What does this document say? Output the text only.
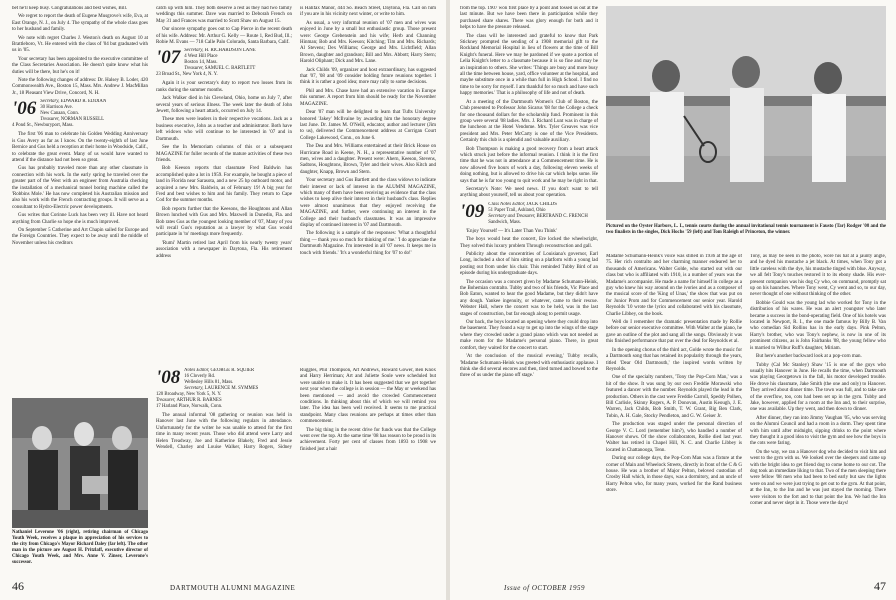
bet he'll keep busy. Congratulations and best wishes, Bill.

We regret to report the death of Eugene Musgrove's wife, Eva, at East Orange, N. J., on July 4. The sympathy of the whole class goes to her husband and family.

We note with regret Charles J. Weston's death on August 10 at Brattleboro, Vt. He entered with the class of '04 but graduated with us in '05.

Your secretary has been appointed to the executive committee of the Class Secretaries Association. He doesn't quite know what his duties will be there, but he's on it!

Note the following changes of address: Dr. Halsey B. Loder, 420 Commonwealth Ave., Boston 15, Mass. Mrs. Andrew J. MacMillan Jr., 18 Pleasant View Drive, Concord, N. H.

'06 Secretary, EDWARD R. EDDIAN
30 Harrison Ave.
New Canaan, Conn.
Treasurer, NORMAN RUSSELL
4 Pond St., Newburyport, Mass.

The first '06 man to celebrate his Golden Wedding Anniversary is Gus Avery as far as I know. On the twenty-eighth of last June Bernice and Gus held a reception at their home in Woodside, Calif., to celebrate the great event. Many of us would have wanted to attend if the distance had not been so great.

Gus has probably traveled more than any other classmate in connection with his work. In the early spring he traveled over the greater part of the West with an engineer from Australia checking the installation of a mechanical tunnel boring machine called the 'Robbins Mole.' He has now completed his Australian mission and also his work with the French contracting groups. It will serve as a consultant to Hydro-Electric power developments.

Gus writes that Corinne Luck has been very ill. Have not heard anything from Charlie so hope she is much improved.

On September 5 Catherine and Art Chapin sailed for Europe and the Foreign Countries. They expect to be away until the middle of November unless his creditors

catch up with him. They both deserve a rest as they had two family weddings this summer. Dave was married to Deborah French on May 31 and Frances was married to Scott Shaw on August 15.

Our sincere sympathy goes out to Cap Pierce in the recent death of his wife. Address: Mr. Arthur G. Kelly — Route 1, Red Bud, Ill.; Robie M. Evans — 718 Calle Palo Colorado, Santa Barbara, Calif.

'07 Secretary, H. RICHARDSON LANE
4 West Hill Place
Boston 14, Mass.
Treasurer, SAMUEL C. BARTLETT
23 Broad St., New York 4, N. Y.

Again it is your secretary's duty to report two losses from its ranks during the summer months.

Jack Walker died in his Cleveland, Ohio, home on July 7, after several years of serious illness. The week later the death of John Jewett, following a heart attack, occurred on July 14.

These men were leaders in their respective vocations. Jack as a business executive, John as a teacher and administrator. Both have left widows who will continue to be interested in '07 and in Dartmouth.

See the In Memoriam columns of this or a subsequent MAGAZINE for fuller records of the mature activities of these two friends.

Bob Keeson reports that classmate Fred Baldwin has accomplished quite a lot in 1959. For example, he bought a piece of land in Florida near Sarasota, and a new 25 hp outboard motor, and acquired a new Mrs. Baldwin, as of February 19! A big year for Fred and best wishes to him and his family. They return to Cape Cod for the summer months.

Bob reports further that the Keesons, the Houghtons and Allan Brown lunched with Gus and Mrs. Maxwell in Dunedin, Fla. and Bob rates Gus as the youngest looking member of '07, Many of you will recall Gus's reputation as a lawyer by what Gus would participate in 'to' meetings more frequently.

'Rumi' Martin retired last April from his nearly twenty years' association with a newspaper in Daytona, Fla. His retirement address

is Halifax Manor, 444 So. Beach Street, Daytona, Fla. Call on him if you are in his vicinity next winter, or write to him.

As usual, a very informal reunion of '07 men and wives was enjoyed in June by a small but enthusiastic group. Those present were: George Grebenstein and his wife; Herb and Channing Hinman; Bob and Mrs. Keeson; Kitching; Tim and Mrs. Richards; Al Stevens; Dex Williams; George and Mrs. Lichtfield; Allan Brown, daughter and grandson; Bill and Mrs. Abbott; Harry Stern; Harold Oliphant; Dick and Mrs. Lane.

Jack Childs '09, organizer and host extraordinary, has suggested that '07, '08 and '09 consider holding future reunions together. I think it is rather a good idea; more may rally to some decisions.

Phil and Mrs. Chase have had an extensive vacation in Europe this summer. A report from him should be ready for the November MAGAZINE.

Dear '07 man will be delighted to learn that Tufts University honored 'Jakey' McIlvaine by awarding him the honorary degree last June. Dr. James M. O'Neill, educator, author and lecturer (Jim to us), delivered the Commencement address at Corrigan Court College Lakewood, Conn., on June 6.

The Dea and Mrs. Williams entertained at their Brick House on Hurricane Road in Keene, N. H., a representative number of '07 men, wives and a daughter. Present were: Ahern, Keeson, Stevens, Sadtons, Houghtons, Brown, Tyler and their wives. Also Kitch and daughter, Knapp, Brown and Stern.

Your secretary and Gus Bartlett and the class widows to indicate their interest or lack of interest in the ALUMNI MAGAZINE, which many of them have been receiving as evidence that the class wishes to keep alive their interest in their husband's class. Replies were almost unanimous that they enjoyed receiving the MAGAZINE, and further, were continuing an interest in the College and their husband's classmates. It was an impressive display of continued interest in '07 and Dartmouth.

The following is a sample of the responses: 'What a thoughtful thing — thank you so much for thinking of me.' 'I do appreciate the Dartmouth Magazine. I'm interested in all '07 news. It keeps me in touch with friends.' 'It's a wonderful thing for '07 to do!'

'08 Notes Editor, GEORGE R. SQUIER
16 Cloverly Rd.
Wellesley Hills 81, Mass.
Secretary, LAURENCE M. SYMMES
120 Broadway, New York 5, N. Y.
Treasurer, ARTHUR R. BARNES
17 Harland Place, Norwalk, Conn.

The annual informal '08 gathering or reunion was held in Hanover last June with the following regulars in attendance. Unfortunately for the writer he was unable to attend for the first time in many recent years. Those who did attend were Larry and Helen Treadway, Joe and Katherine Blakely, Fred and Jessie Wendell, Charley and Louise Walker, Harry Rogers, Sidney Ruggles, Phil Thompson, Art Andrews, Howard Gower, Ben Knox and Harry Herriman; Art and Juliette Soule were scheduled but were unable to make it. It has been suggested that we get together next year when the college is in session — the May or weekend has been mentioned — and avoid the crowded Commencement conditions. In thinking about this of which we will remind you later. The idea has been well received. It seems to me practical standpoint. Many class reunions are perhaps at times other than commencement.

The big thing in the recent drive for funds was that the College went over the top. At the same time '08 has reason to be proud in its achievement. Forty per cent of classes from 1893 to 1908 we finished just a hair

Nathaniel Leverone '06 (right), retiring chairman of Chicago Youth Week, receives a plaque in appreciation of his services to the city from Chicago's Mayor Richard Daley (far left). The other man in the picture are August H. Pritzlaff, executive director of Chicago Youth Week, and Mrs. Anne V. Zinser, Leverone's successor.
46	DARTMOUTH ALUMNI MAGAZINE

from the top. 1907 won first place by a point and tossed us out at the last minute. But we have been there in participation while they purchased share shares. There was glory enough for both and it helps to have the pressure released.

The class will be interested and grateful to know that Park Stickney prompted the sending of a 1908 memorial gift to the Rockland Memorial Hospital in lieu of flowers at the time of Bill Knight's funeral. Here we may be pardoned if we quote a portion of Lelia Knight's letter to a classmate because it is so fine and may be an inspiration to others. She writes: 'Things are busy and more busy all the time between house, yard, office volunteer at the hospital, and maybe substitute once in a while than full in High School. I find no time to be sorry for myself. I am thankful for so much and have such happy memories.' That is a philosophy of life and not of death.

At a meeting of the Dartmouth Women's Club of Boston, the Club presented to Professor John Sicarus '08 for the College a check for one thousand dollars for the scholarship fund. Prominent in this group were several '08 ladies. Mrs. J. Richard Lunt was in charge of the luncheon at the Hotel Vendome. Mrs. Tyler Greaves was vice president and Mrs. Peter McCarty is one of the Vice Presidents. Certainly this club is a splendid and valuable auxiliary.

Bob Thompson is making a good recovery from a heart attack which struck just before the informal reunion. I think it is the first time that he was not in attendance at a Commencement time. He is now allowed five hours of work a day, following eleven weeks of doing nothing, but is allowed to drive his car which helps some. He says that he is far too young to quit work and he may be right in that.

Secretary's Note: We need news. If you don't want to tell anything about yourself, tell us about your operation.

'09 Class Notes Editor, JACK CHILDS
51 Paper Trail, Ashland, Ohio
Secretary and Treasurer, BERTRAND C. FRENCH
Sandwich, Mass.

'Enjoy Yourself — It's Later Than You Think'

The boys would heat the concert, Ere locked the wheelwright, They solved this luxury problem Through reconstruction and gall.

Publicity about the concentrities of Louisiana's governor, Earl Long, included a shot of him sitting on a platform with a young lad posting out from under his chair. This reminded Tubby Bird of an episode during his undergraduate days.

The occasion was a concert given by Madame Schumann-Heink, the Bohemian contralto. Tubby and two of his friends, Vic Place and Bob Eaton, wanted to hear the good Madame, but they didn't have any dough. Yankee ingenuity, or whatever, came to their rescue. Webster Hall, where the concert was to be held, was in the last stages of construction, but far enough along to permit usage.

Our back, the boys located an opening where they could drop into the basement. They found a way to get up into the wings of the stage where they crowded under a grand piano which was not needed as make room for the Madame's personal piano. There, in great comfort, they waited for the concert to start.

'At the conclusion of the musical evening,' Tubby recalls, 'Madame Schumann-Heink was greeted with enthusiastic applause. I think she did several encores and then, tired turned and bowed to the three of us under the piano off stage.'

Pictured on the Oyster Harbors, L. I., tennis courts during the annual invitational tennis tournament is Fausto (Tar) Rodger '08 and the two finalists in the singles, Dick Hochs '59 (left) and Tom Raleigh of Princeton, the winner.

Madame Schumann-Heink's voice was stilled in 1936 at the age of 75. Her rich contralto and her charming manner endeared her to thousands of Americans. Walter Golde, who started out with our class but who is affiliated with 1910, is a number of years was the Madame's accompanist. He made a name for himself in college as a guy who knew his way around on the ivories and as a composer of the musical score of the 'King of Unas,' the show that was put on for Junior Prom and for Commencement our senior year. Harold Reynolds '10 wrote the lyrics and collaborated with his classmate, Charlie Libbey, on the book.

Well do I remember the dramatic presentation made by Rollie before our senior executive committee. With Walter at the piano, he gave an outline of the plot and sang all the songs. Obviously it was this finished performance that put over the deal for Reynolds et al.

In the opening chorus of the third act, Golde wrote the music for a Dartmouth song that has retained its popularity through the years, titled 'Dear Old Dartmouth,' the inspired words written by Reynolds.

One of the specialty numbers, 'Tony the Pop-Corn Man,' was a hit of the show. It was sung by our own Freddie Morawski who featured a dancer with the number. Reynolds played the lead in the production. Others in the cast were Freddie Carroll, Speddy Polhen, Bill Carlisle, Skinny Rogers, A. P. Donovan, Austin Keough, J. E. Warren, Jack Childs, Bob Smith, T. W. Grant, Big Ben Clark, Tobin, A. H. Gale, Stocky Pendleton, and G. W. Geiser Jr.

The production was staged under the personal direction of George V. C. Lord (remember him?), who handled a number of Hanover shows. Of the show collaborators, Rollie died last year. Walter has retired in Chapel Hill, N. C. and Charlie Libbey is located in Chattanooga, Tenn.

During our college days, the Pop-Corn Man was a fixture at the corner of Main and Wheelock Streets, directly in front of the C & G house. He was a brother of Major Pelton, beloved custodian of Crosby Hall which, in those days, was a dormitory, and an uncle of Harry Pelton who, for many years, worked for the Rand business store.

Tony, as may be seen in the photo, wore his hat at a jaunty angle, and he dyed his mustache a jet black. At times, when Tony got a little careless with the dye, his mustache tinged with blue. Anyway, we all felt Tony's touches restored it to its ebony shade. His ever-present companion was his dog Cy who, on command, promptly sat up on his haunches. Where Tony went, Cy went and so, to our day, never thought of one without thinking of the other.

Bobbie Gould was the young lad who worked for Tony in the distribution of his wares. He was an alert youngster who later became a success in the bond-operating field. One of his hotels was located in Newport, R. I., the one made famous by Billy B. Van who comedian Sid Rollins has in the early days. Pink Pelton, Harry's brother, who was Tony's nephew, is now in one of its prominent citizens, as is John Fairbanks '08, the young fellow who is married to Wilbur Ruff's daughter, Miriam.

But here's another backward look at a pop-corn man.

Tubby (Cal Mc Stanley) Shaw '15 is one of the guys who usually hits Hanover in June. He recalls the time, when Dartmouth was playing Georgetown in the fall, his motor developed trouble. He drove his classmate, Jake Smith (the one and only) to Hanover. They arrived about dinner time. The town was full, and to take care of the overflow, too, cots had been set up in the gym. Tubby and Jake, however, applied for a room at the Inn and, to their surprise, one was available. Up they went, and then down to dinner.

After dinner, they ran into Jimmy Vaughan '05, who was serving on the Alumni Council and had a room in a dorm. They spent time with him until after midnight, sipping drinks to the point where they thought it a good idea to visit the gym and see how the boys in the cots were faring.

On the way, we ran a Hanover dog who decided to visit him and went to the gym with us. We looked over the sleepers and came up with the bright idea to get friend dog to come home to our cot. The dog took an immediate liking to that. Two of the men sleeping there were fellow '08 men who had been to bed early but saw the lights were on and we were just trying to get out to the gym. At that point, at the Inn, to the Inn and he was just stayed the morning. There were visitors to the fort and to that point the Inn. We had the Inn corner and never slept in it. Those were the days!

Issue of OCTOBER 1959	47
